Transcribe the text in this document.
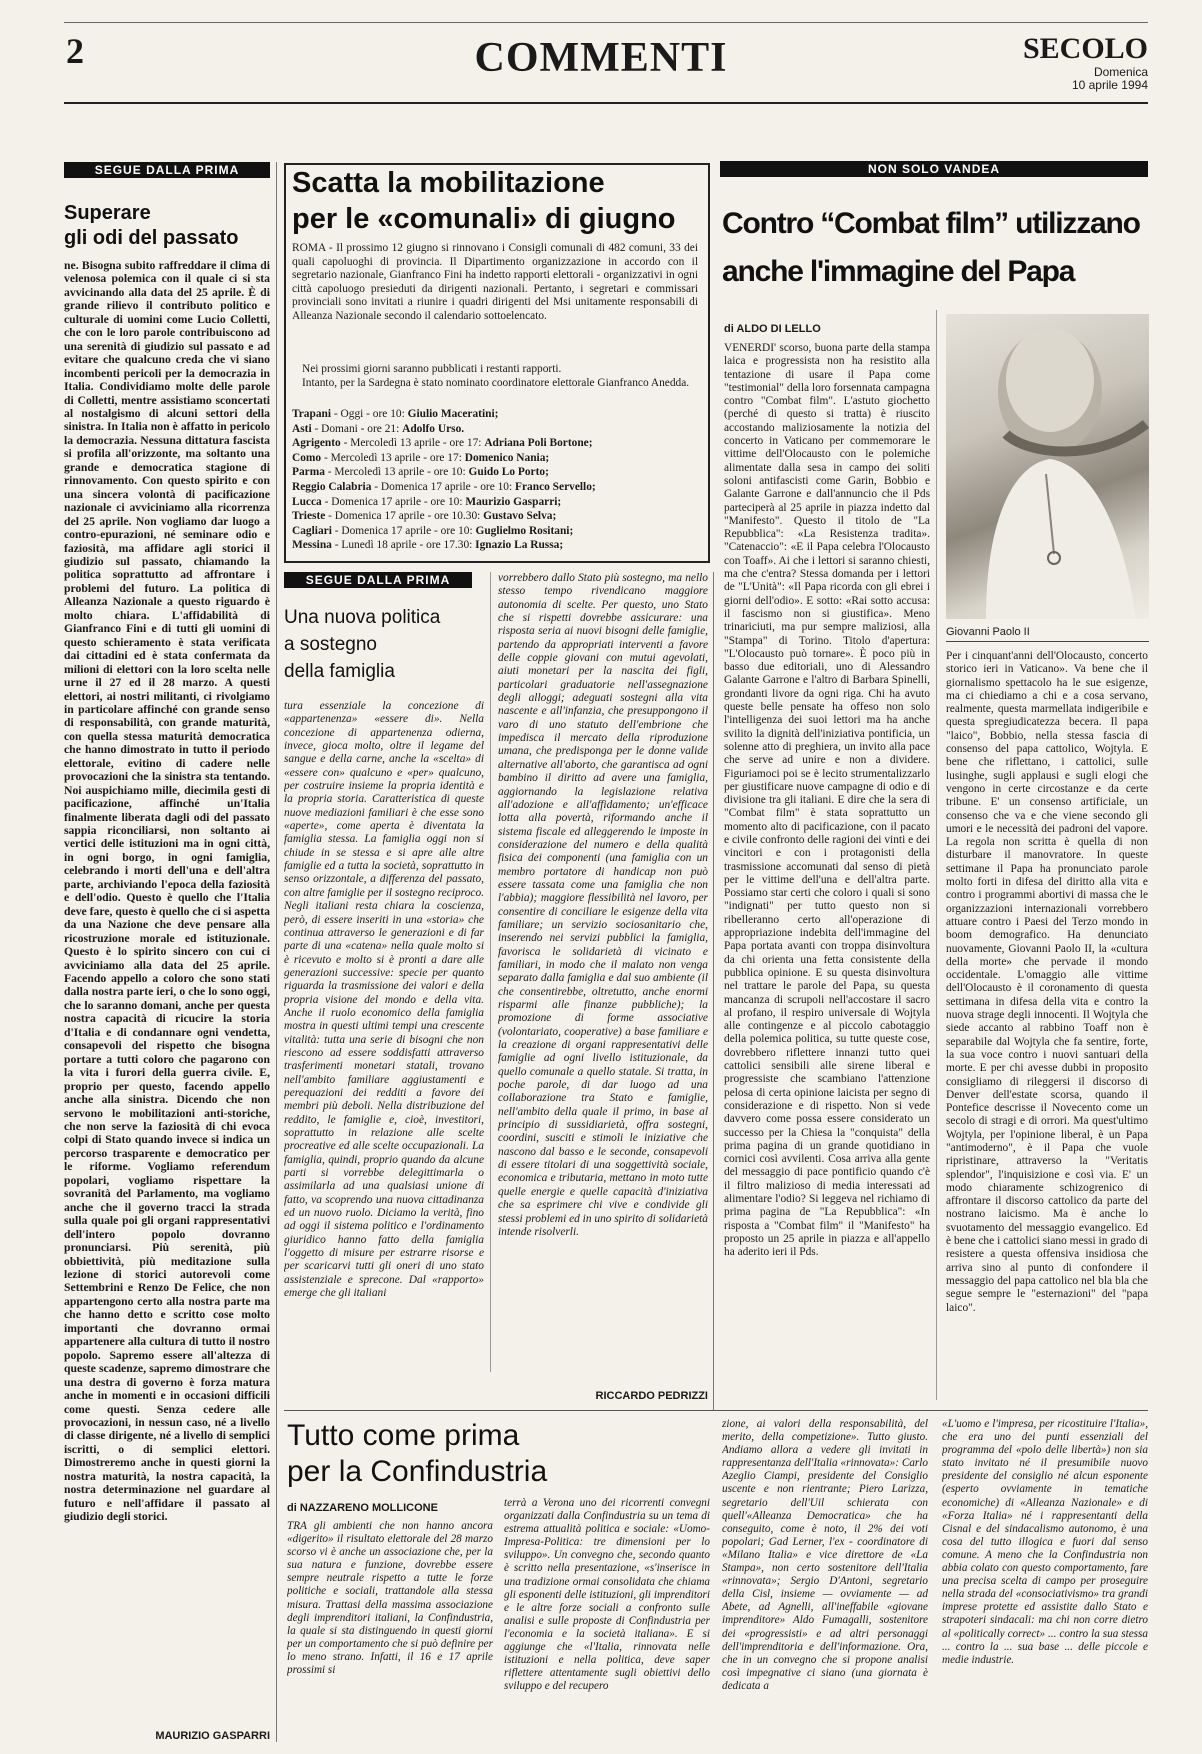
2	COMMENTI	SECOLO
Domenica
10 aprile 1994
SEGUE DALLA PRIMA
Superare
gli odi del passato
ne. Bisogna subito raffreddare il clima di velenosa polemica con il quale ci si sta avvicinando alla data del 25 aprile. È di grande rilievo il contributo politico e culturale di uomini come Lucio Colletti, che con le loro parole contribuiscono ad una serenità di giudizio sul passato e ad evitare che qualcuno creda che vi siano incombenti pericoli per la democrazia in Italia. Condividiamo molte delle parole di Colletti, mentre assistiamo sconcertati al nostalgismo di alcuni settori della sinistra. In Italia non è affatto in pericolo la democrazia. Nessuna dittatura fascista si profila all'orizzonte, ma soltanto una grande e democratica stagione di rinnovamento. Con questo spirito e con una sincera volontà di pacificazione nazionale ci avviciniamo alla ricorrenza del 25 aprile. Non vogliamo dar luogo a contro-epurazioni, né seminare odio e faziosità, ma affidare agli storici il giudizio sul passato, chiamando la politica soprattutto ad affrontare i problemi del futuro. La politica di Alleanza Nazionale a questo riguardo è molto chiara. L'affidabilità di Gianfranco Fini e di tutti gli uomini di questo schieramento è stata verificata dai cittadini ed è stata confermata da milioni di elettori con la loro scelta nelle urne il 27 ed il 28 marzo. A questi elettori, ai nostri militanti, ci rivolgiamo in particolare affinché con grande senso di responsabilità, con grande maturità, con quella stessa maturità democratica che hanno dimostrato in tutto il periodo elettorale, evitino di cadere nelle provocazioni che la sinistra sta tentando. Noi auspichiamo mille, diecimila gesti di pacificazione, affinché un'Italia finalmente liberata dagli odi del passato sappia riconciliarsi, non soltanto ai vertici delle istituzioni ma in ogni città, in ogni borgo, in ogni famiglia, celebrando i morti dell'una e dell'altra parte, archiviando l'epoca della faziosità e dell'odio. Questo è quello che l'Italia deve fare, questo è quello che ci si aspetta da una Nazione che deve pensare alla ricostruzione morale ed istituzionale. Questo è lo spirito sincero con cui ci avviciniamo alla data del 25 aprile. Facendo appello a coloro che sono stati dalla nostra parte ieri, o che lo sono oggi, che lo saranno domani, anche per questa nostra capacità di ricucire la storia d'Italia e di condannare ogni vendetta, consapevoli del rispetto che bisogna portare a tutti coloro che pagarono con la vita i furori della guerra civile. E, proprio per questo, facendo appello anche alla sinistra. Dicendo che non servono le mobilitazioni anti-storiche, che non serve la faziosità di chi evoca colpi di Stato quando invece si indica un percorso trasparente e democratico per le riforme. Vogliamo referendum popolari, vogliamo rispettare la sovranità del Parlamento, ma vogliamo anche che il governo tracci la strada sulla quale poi gli organi rappresentativi dell'intero popolo dovranno pronunciarsi. Più serenità, più obbiettività, più meditazione sulla lezione di storici autorevoli come Settembrini e Renzo De Felice, che non appartengono certo alla nostra parte ma che hanno detto e scritto cose molto importanti che dovranno ormai appartenere alla cultura di tutto il nostro popolo. Sapremo essere all'altezza di queste scadenze, sapremo dimostrare che una destra di governo è forza matura anche in momenti e in occasioni difficili come questi. Senza cedere alle provocazioni, in nessun caso, né a livello di classe dirigente, né a livello di semplici iscritti, o di semplici elettori. Dimostreremo anche in questi giorni la nostra maturità, la nostra capacità, la nostra determinazione nel guardare al futuro e nell'affidare il passato al giudizio degli storici.
MAURIZIO GASPARRI
Scatta la mobilitazione
per le «comunali» di giugno
ROMA - Il prossimo 12 giugno si rinnovano i Consigli comunali di 482 comuni, 33 dei quali capoluoghi di provincia. Il Dipartimento organizzazione in accordo con il segretario nazionale, Gianfranco Fini ha indetto rapporti elettorali - organizzativi in ogni città capoluogo presieduti da dirigenti nazionali. Pertanto, i segretari e commissari provinciali sono invitati a riunire i quadri dirigenti del Msi unitamente responsabili di Alleanza Nazionale secondo il calendario sottoelencato.
Nei prossimi giorni saranno pubblicati i restanti rapporti.
Intanto, per la Sardegna è stato nominato coordinatore elettorale Gianfranco Anedda.
Trapani - Oggi - ore 10: Giulio Maceratini;
Asti - Domani - ore 21: Adolfo Urso.
Agrigento - Mercoledì 13 aprile - ore 17: Adriana Poli Bortone;
Como - Mercoledì 13 aprile - ore 17: Domenico Nania;
Parma - Mercoledì 13 aprile - ore 10: Guido Lo Porto;
Reggio Calabria - Domenica 17 aprile - ore 10: Franco Servello;
Lucca - Domenica 17 aprile - ore 10: Maurizio Gasparri;
Trieste - Domenica 17 aprile - ore 10.30: Gustavo Selva;
Cagliari - Domenica 17 aprile - ore 10: Guglielmo Rositani;
Messina - Lunedì 18 aprile - ore 17.30: Ignazio La Russa;
SEGUE DALLA PRIMA
Una nuova politica
a sostegno
della famiglia
tura essenziale la concezione di «appartenenza» «essere di». Nella concezione di appartenenza odierna, invece, gioca molto, oltre il legame del sangue e della carne, anche la «scelta» di «essere con» qualcuno e «per» qualcuno, per costruire insieme la propria identità e la propria storia. Caratteristica di queste nuove mediazioni familiari è che esse sono «aperte», come aperta è diventata la famiglia stessa. La famiglia oggi non si chiude in se stessa e si apre alle altre famiglie ed a tutta la società, soprattutto in senso orizzontale, a differenza del passato, con altre famiglie per il sostegno reciproco. Negli italiani resta chiara la coscienza, però, di essere inseriti in una «storia» che continua attraverso le generazioni e di far parte di una «catena» nella quale molto si è ricevuto e molto si è pronti a dare alle generazioni successive: specie per quanto riguarda la trasmissione dei valori e della propria visione del mondo e della vita. Anche il ruolo economico della famiglia mostra in questi ultimi tempi una crescente vitalità: tutta una serie di bisogni che non riescono ad essere soddisfatti attraverso trasferimenti monetari statali, trovano nell'ambito familiare aggiustamenti e perequazioni dei redditi a favore dei membri più deboli. Nella distribuzione del reddito, le famiglie e, cioè, investitori, soprattutto in relazione alle scelte procreative ed alle scelte occupazionali. La famiglia, quindi, proprio quando da alcune parti si vorrebbe delegittimarla o assimilarla ad una qualsiasi unione di fatto, va scoprendo una nuova cittadinanza ed un nuovo ruolo. Diciamo la verità, fino ad oggi il sistema politico e l'ordinamento giuridico hanno fatto della famiglia l'oggetto di misure per estrarre risorse e per scaricarvi tutti gli oneri di uno stato assistenziale e sprecone. Dal «rapporto» emerge che gli italiani
vorrebbero dallo Stato più sostegno, ma nello stesso tempo rivendicano maggiore autonomia di scelte. Per questo, uno Stato che si rispetti dovrebbe assicurare: una risposta seria ai nuovi bisogni delle famiglie, partendo da appropriati interventi a favore delle coppie giovani con mutui agevolati, aiuti monetari per la nascita dei figli, particolari graduatorie nell'assegnazione degli alloggi; adeguati sostegni alla vita nascente e all'infanzia, che presuppongono il varo di uno statuto dell'embrione che impedisca il mercato della riproduzione umana, che predisponga per le donne valide alternative all'aborto, che garantisca ad ogni bambino il diritto ad avere una famiglia, aggiornando la legislazione relativa all'adozione e all'affidamento; un'efficace lotta alla povertà, riformando anche il sistema fiscale ed alleggerendo le imposte in considerazione del numero e della qualità fisica dei componenti (una famiglia con un membro portatore di handicap non può essere tassata come una famiglia che non l'abbia); maggiore flessibilità nel lavoro, per consentire di conciliare le esigenze della vita familiare; un servizio sociosanitario che, inserendo nei servizi pubblici la famiglia, favorisca le solidarietà di vicinato e familiari, in modo che il malato non venga separato dalla famiglia e dal suo ambiente (il che consentirebbe, oltretutto, anche enormi risparmi alle finanze pubbliche); la promozione di forme associative (volontariato, cooperative) a base familiare e la creazione di organi rappresentativi delle famiglie ad ogni livello istituzionale, da quello comunale a quello statale. Si tratta, in poche parole, di dar luogo ad una collaborazione tra Stato e famiglie, nell'ambito della quale il primo, in base al principio di sussidiarietà, offra sostegni, coordini, susciti e stimoli le iniziative che nascono dal basso e le seconde, consapevoli di essere titolari di una soggettività sociale, economica e tributaria, mettano in moto tutte quelle energie e quelle capacità d'iniziativa che sa esprimere chi vive e condivide gli stessi problemi ed in uno spirito di solidarietà intende risolverli.
RICCARDO PEDRIZZI
NON SOLO VANDEA
Contro “Combat film” utilizzano
anche l'immagine del Papa
di ALDO DI LELLO
VENERDI' scorso, buona parte della stampa laica e progressista non ha resistito alla tentazione di usare il Papa come "testimonial" della loro forsennata campagna contro "Combat film". L'astuto giochetto (perché di questo si tratta) è riuscito accostando maliziosamente la notizia del concerto in Vaticano per commemorare le vittime dell'Olocausto con le polemiche alimentate dalla sesa in campo dei soliti soloni antifascisti come Garin, Bobbio e Galante Garrone e dall'annuncio che il Pds parteciperà al 25 aprile in piazza indetto dal "Manifesto". Questo il titolo de "La Repubblica": «La Resistenza tradita». "Catenaccio": «E il Papa celebra l'Olocausto con Toaff». Ai che i lettori si saranno chiesti, ma che c'entra? Stessa domanda per i lettori de "L'Unità": «Il Papa ricorda con gli ebrei i giorni dell'odio». E sotto: «Rai sotto accusa: il fascismo non si giustifica». Meno trinariciuti, ma pur sempre maliziosi, alla "Stampa" di Torino. Titolo d'apertura: "L'Olocausto può tornare». È poco più in basso due editoriali, uno di Alessandro Galante Garrone e l'altro di Barbara Spinelli, grondanti livore da ogni riga. Chi ha avuto queste belle pensate ha offeso non solo l'intelligenza dei suoi lettori ma ha anche svilito la dignità dell'iniziativa pontificia, un solenne atto di preghiera, un invito alla pace che serve ad unire e non a dividere. Figuriamoci poi se è lecito strumentalizzarlo per giustificare nuove campagne di odio e di divisione tra gli italiani. E dire che la sera di "Combat film" è stata soprattutto un momento alto di pacificazione, con il pacato e civile confronto delle ragioni dei vinti e dei vincitori e con i protagonisti della trasmissione accomunati dal senso di pietà per le vittime dell'una e dell'altra parte. Possiamo star certi che coloro i quali si sono "indignati" per tutto questo non si ribelleranno certo all'operazione di appropriazione indebita dell'immagine del Papa portata avanti con troppa disinvoltura da chi orienta una fetta consistente della pubblica opinione. E su questa disinvoltura nel trattare le parole del Papa, su questa mancanza di scrupoli nell'accostare il sacro al profano, il respiro universale di Wojtyla alle contingenze e al piccolo cabotaggio della polemica politica, su tutte queste cose, dovrebbero riflettere innanzi tutto quei cattolici sensibili alle sirene liberal e progressiste che scambiano l'attenzione pelosa di certa opinione laicista per segno di considerazione e di rispetto. Non si vede davvero come possa essere considerato un successo per la Chiesa la "conquista" della prima pagina di un grande quotidiano in cornici così avvilenti. Cosa arriva alla gente del messaggio di pace pontificio quando c'è il filtro malizioso di media interessati ad alimentare l'odio? Si leggeva nel richiamo di prima pagina de "La Repubblica": «In risposta a "Combat film" il "Manifesto" ha proposto un 25 aprile in piazza e all'appello ha aderito ieri il Pds.
Giovanni Paolo II
Per i cinquant'anni dell'Olocausto, concerto storico ieri in Vaticano». Va bene che il giornalismo spettacolo ha le sue esigenze, ma ci chiediamo a chi e a cosa servano, realmente, questa marmellata indigeribile e questa spregiudicatezza becera. Il papa "laico", Bobbio, nella stessa fascia di consenso del papa cattolico, Wojtyla. E bene che riflettano, i cattolici, sulle lusinghe, sugli applausi e sugli elogi che vengono in certe circostanze e da certe tribune. E' un consenso artificiale, un consenso che va e che viene secondo gli umori e le necessità dei padroni del vapore. La regola non scritta è quella di non disturbare il manovratore. In queste settimane il Papa ha pronunciato parole molto forti in difesa del diritto alla vita e contro i programmi abortivi di massa che le organizzazioni internazionali vorrebbero attuare contro i Paesi del Terzo mondo in boom demografico. Ha denunciato nuovamente, Giovanni Paolo II, la «cultura della morte» che pervade il mondo occidentale. L'omaggio alle vittime dell'Olocausto è il coronamento di questa settimana in difesa della vita e contro la nuova strage degli innocenti. Il Wojtyla che siede accanto al rabbino Toaff non è separabile dal Wojtyla che fa sentire, forte, la sua voce contro i nuovi santuari della morte. E per chi avesse dubbi in proposito consigliamo di rileggersi il discorso di Denver dell'estate scorsa, quando il Pontefice descrisse il Novecento come un secolo di stragi e di orrori. Ma quest'ultimo Wojtyla, per l'opinione liberal, è un Papa "antimoderno", è il Papa che vuole ripristinare, attraverso la "Veritatis splendor", l'inquisizione e così via. E' un modo chiaramente schizogrenico di affrontare il discorso cattolico da parte del nostrano laicismo. Ma è anche lo svuotamento del messaggio evangelico. Ed è bene che i cattolici siano messi in grado di resistere a questa offensiva insidiosa che arriva sino al punto di confondere il messaggio del papa cattolico nel bla bla che segue sempre le "esternazioni" del "papa laico".
Tutto come prima
per la Confindustria
di NAZZARENO MOLLICONE
TRA gli ambienti che non hanno ancora «digerito» il risultato elettorale del 28 marzo scorso vi è anche un associazione che, per la sua natura e funzione, dovrebbe essere sempre neutrale rispetto a tutte le forze politiche e sociali, trattandole alla stessa misura. Trattasi della massima associazione degli imprenditori italiani, la Confindustria, la quale si sta distinguendo in questi giorni per un comportamento che si può definire per lo meno strano. Infatti, il 16 e 17 aprile prossimi si
terrà a Verona uno dei ricorrenti convegni organizzati dalla Confindustria su un tema di estrema attualità politica e sociale: «Uomo-Impresa-Politica: tre dimensioni per lo sviluppo». Un convegno che, secondo quanto è scritto nella presentazione, «s'inserisce in una tradizione ormai consolidata che chiama gli esponenti delle istituzioni, gli imprenditori e le altre forze sociali a confronto sulle analisi e sulle proposte di Confindustria per l'economia e la società italiana». E si aggiunge che «l'Italia, rinnovata nelle istituzioni e nella politica, deve saper riflettere attentamente sugli obiettivi dello sviluppo e del recupero
zione, ai valori della responsabilità, del merito, della competizione». Tutto giusto. Andiamo allora a vedere gli invitati in rappresentanza dell'Italia «rinnovata»: Carlo Azeglio Ciampi, presidente del Consiglio uscente e non rientrante; Piero Larizza, segretario dell'Uil schierata con quell'«Alleanza Democratica» che ha conseguito, come è noto, il 2% dei voti popolari; Gad Lerner, l'ex - coordinatore di «Milano Italia» e vice direttore de «La Stampa», non certo sostenitore dell'Italia «rinnovata»; Sergio D'Antoni, segretario della Cisl, insieme — ovviamente — ad Abete, ad Agnelli, all'ineffabile «giovane imprenditore» Aldo Fumagalli, sostenitore dei «progressisti» e ad altri personaggi dell'imprenditoria e dell'informazione. Ora, che in un convegno che si propone analisi così impegnative ci siano (una giornata è dedicata a
«L'uomo e l'impresa, per ricostituire l'Italia», che era uno dei punti essenziali del programma del «polo delle libertà») non sia stato invitato né il presumibile nuovo presidente del consiglio né alcun esponente (esperto ovviamente in tematiche economiche) di «Alleanza Nazionale» e di «Forza Italia» né i rappresentanti della Cisnal e del sindacalismo autonomo, è una cosa del tutto illogica e fuori dal senso comune. A meno che la Confindustria non abbia colato con questo comportamento, fare una precisa scelta di campo per proseguire nella strada del «consociativismo» tra grandi imprese protette ed assistite dallo Stato e strapoteri sindacali: ma chi non corre dietro al «politically correct» ... contro la sua stessa ... contro la ... sua base ... delle piccole e medie industrie.
